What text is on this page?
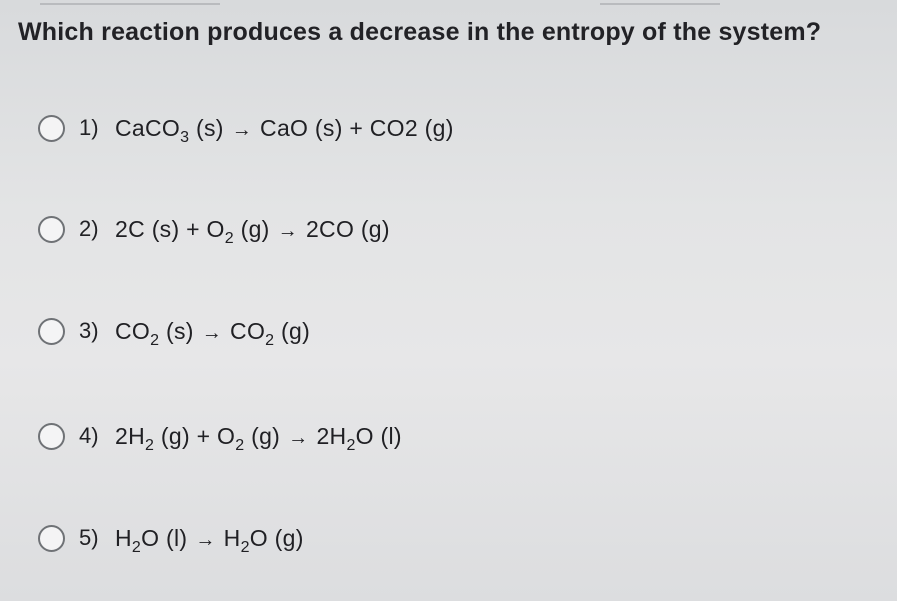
Which reaction produces a decrease in the entropy of the system?
1) CaCO$_3$ (s) → CaO (s) + CO2 (g)
2) 2C $(s) + O_2$ (g) → 2CO (g)
3) $CO_2$ $(s) \to CO_2$ (g)
4) $2H_2$ $(g) + O_2$ $(g) \to 2H_2O$ (l)
5) $H_2O$ $(l) \to H_2O$ (g)
